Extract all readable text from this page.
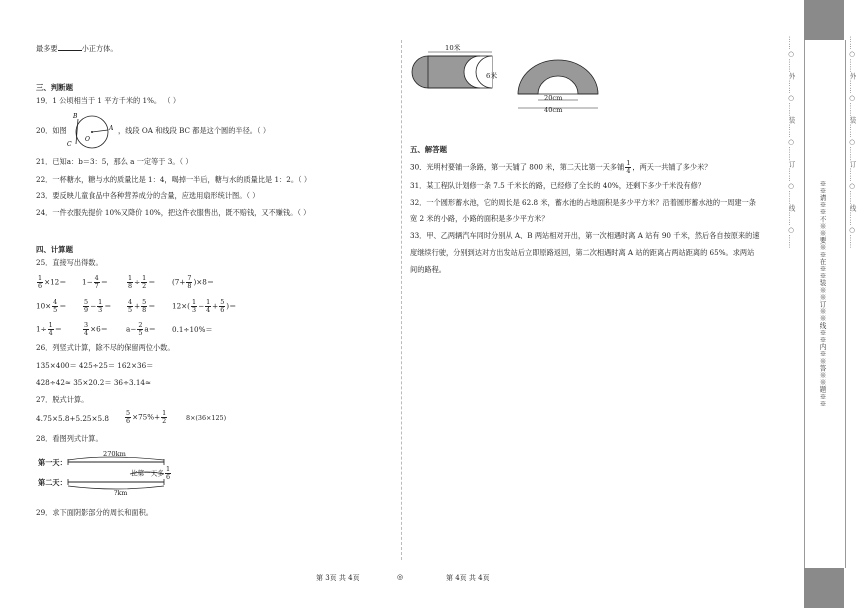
最多要	小正方体。
三、判断题
19．1 公顷相当于 1 平方千米的 1%。 （ ）
20．如图
B
C
O
A ，线段 OA 和线段 BC 都是这个圆的半径。（ ）
21．已知a：b＝3：5，那么 a 一定等于 3。（ ）
22．一杯糖水，糖与水的质量比是 1：4，喝掉一半后，糖与水的质量比是 1：2。（ ）
23．要反映儿童食品中各种营养成分的含量，应选用扇形统计图。（ ）
24．一件衣服先提价 10%又降价 10%，把这件衣服售出，既不赔钱，又不赚钱。（ ）
四、计算题
25．直接写出得数。
$\frac{1}{6} \times 12= 1- \frac{4}{7}$ ＝	$\frac{1}{8} \div \frac{1}{2} = (7+ \frac{7}{8} )\times 8=$
$10\times \frac{4}{5}$ ＝	$\frac{5}{9} - \frac{1}{3} = \frac{4}{5} + \frac{5}{8} = 12\times( \frac{1}{3} - \frac{1}{4} + \frac{5}{6}$ )＝
$1\div \frac{1}{4}$ ＝	$\frac{3}{4} \times 6=$	$a- \frac{2}{5} a= 0.1\div 10\%=$
26．列竖式计算，除不尽的保留两位小数。
135×400＝ 425÷25＝ 162×36＝
428÷42≈ 35×20.2＝ 36÷3.14≈
27．脱式计算。
4.75×5.8+5.25×5.8	$\frac{5}{6} \times 75\%+ \frac{1}{2}$	8×(36×125)
28．看图列式计算。
第一天：
第二天：
270km
比第一天多 $\frac{1}{6}$
?km
29．求下面阴影部分的周长和面积。
10米
6米
20cm
40cm
五、解答题
30．光明村要铺一条路，第一天铺了 800 米，第二天比第一天多铺 $\frac{1}{4}$ ，两天一共铺了多少米？
31．某工程队计划修一条 7.5 千米长的路，已经修了全长的 40%，还剩下多少千米没有修？
32．一个圆形蓄水池，它的周长是 62.8 米，蓄水池的占地面积是多少平方米？沿着圆形蓄水池的一周建一条
宽 2 米的小路，小路的面积是多少平方米？
33．甲、乙两辆汽车同时分别从 A、B 两站相对开出，第一次相遇时离 A 站有 90 千米，然后各自按原来的速
度继续行驶，分别到达对方出发站后立即原路返回，第二次相遇时离 A 站的距离占两站距离的 65%。求两站
间的路程。
第 3页 共 4页	◎	第 4页 共 4页
……○……外……○……装……○……订……○……线……○……
※※请※※不※※要※※在※※装※※订※※线※※内※※答※※题※※
……○……外……○……装……○……订……○……线……○……
